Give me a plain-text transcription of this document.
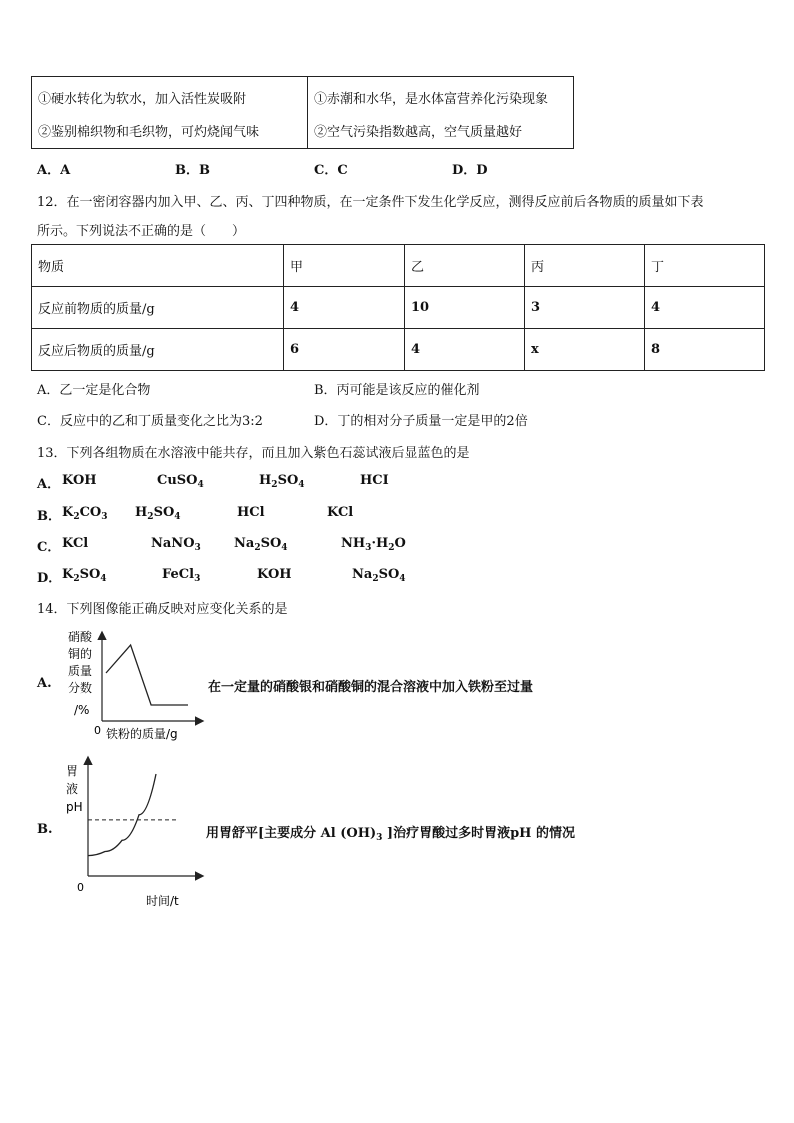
①硬水转化为软水，加入活性炭吸附
②鉴别棉织物和毛织物，可灼烧闻气味
①赤潮和水华，是水体富营养化污染现象
②空气污染指数越高，空气质量越好
A．A	B．B	C．C	D．D
12．在一密闭容器内加入甲、乙、丙、丁四种物质，在一定条件下发生化学反应，测得反应前后各物质的质量如下表
所示。下列说法不正确的是（　　）
物质	甲	乙	丙	丁
反应前物质的质量/g	4	10	3	4
反应后物质的质量/g	6	4	x	8
A．乙一定是化合物	B．丙可能是该反应的催化剂
C．反应中的乙和丁质量变化之比为3:2	D．丁的相对分子质量一定是甲的2倍
13．下列各组物质在水溶液中能共存，而且加入紫色石蕊试液后显蓝色的是
A． KOH	CuSO$_4$	$H_2SO_4$	HCI
B． $K_2CO_3$ $H_2SO_4$	HCl	KCl
C． KCl	NaNO$_3$	$Na_2SO_4$	$NH_3\cdot H_2O$
D． $K_2SO_4$	FeCl$_3$	KOH	$Na_2SO_4$
14．下列图像能正确反映对应变化关系的是
A.
硝酸
铜的
质量
分数
/%
0 铁粉的质量/g
在一定量的硝酸银和硝酸铜的混合溶液中加入铁粉至过量
B.
胃
液
pH
0
时间/t
用胃舒平[主要成分 Al $(OH)_3$ ]治疗胃酸过多时胃液pH 的情况
